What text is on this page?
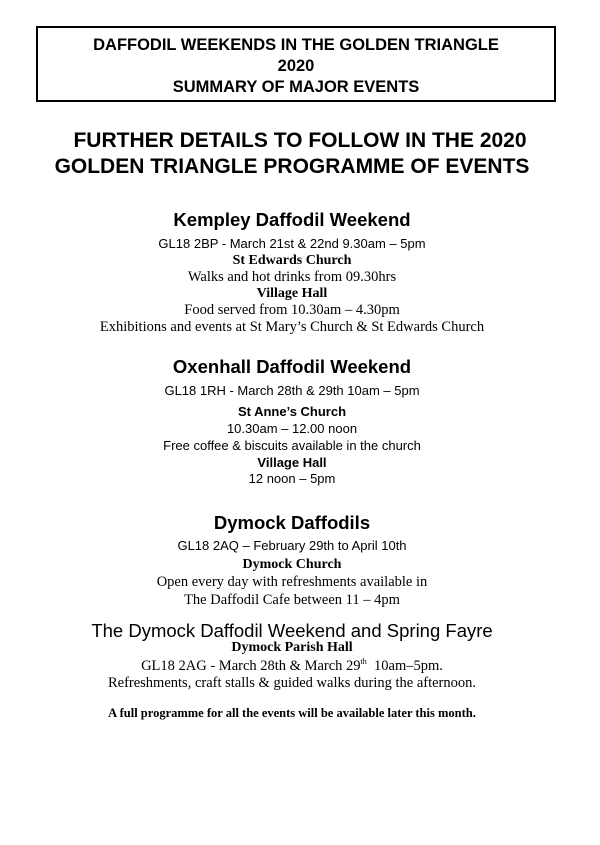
DAFFODIL WEEKENDS IN THE GOLDEN TRIANGLE
2020
SUMMARY OF MAJOR EVENTS
FURTHER DETAILS TO FOLLOW IN THE 2020
GOLDEN TRIANGLE PROGRAMME OF EVENTS
Kempley Daffodil Weekend
GL18 2BP - March 21st & 22nd 9.30am – 5pm
St Edwards Church
Walks and hot drinks from 09.30hrs
Village Hall
Food served from 10.30am – 4.30pm
Exhibitions and events at St Mary’s Church & St Edwards Church
Oxenhall Daffodil Weekend
GL18 1RH - March 28th & 29th 10am – 5pm
St Anne’s Church
10.30am – 12.00 noon
Free coffee & biscuits available in the church
Village Hall
12 noon – 5pm
Dymock Daffodils
GL18 2AQ – February 29th to April 10th
Dymock Church
Open every day with refreshments available in
The Daffodil Cafe between 11 – 4pm
The Dymock Daffodil Weekend and Spring Fayre
Dymock Parish Hall
GL18 2AG - March 28th & March 29th  10am–5pm.
Refreshments, craft stalls & guided walks during the afternoon.
A full programme for all the events will be available later this month.
